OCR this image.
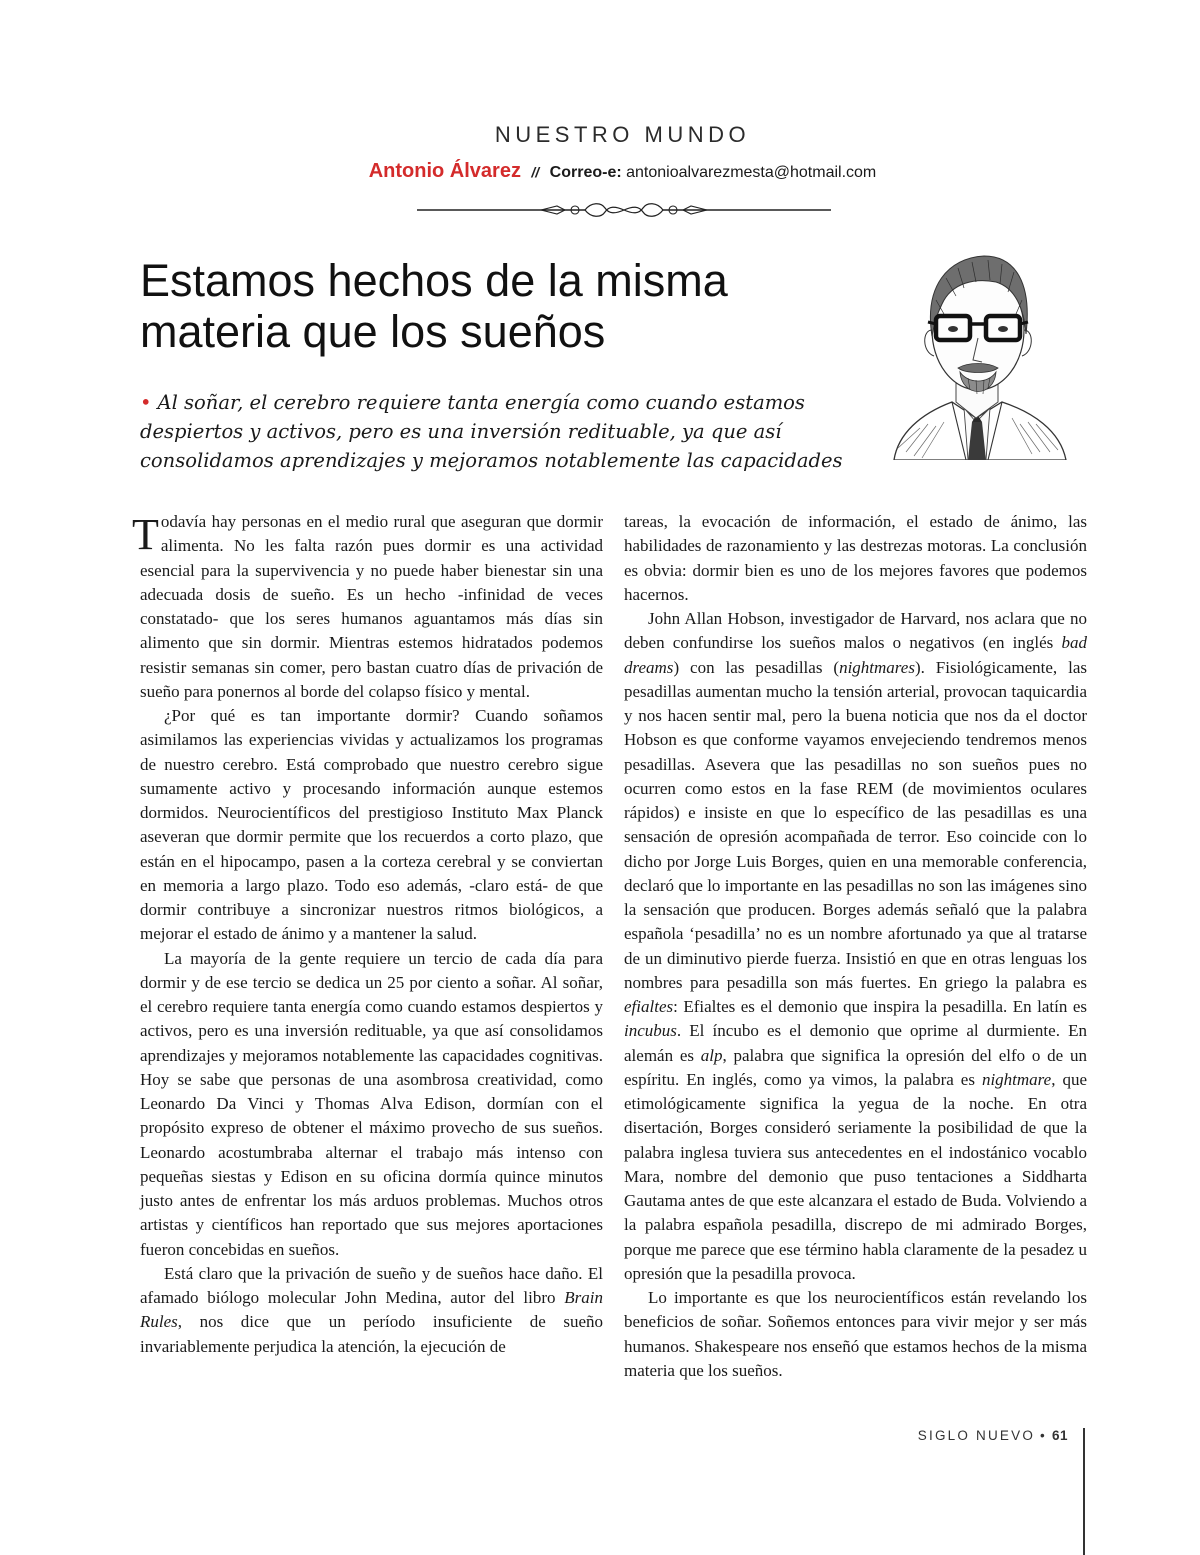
NUESTRO MUNDO
Antonio Álvarez // Correo-e: antonioalvarezmesta@hotmail.com
Estamos hechos de la misma
materia que los sueños

• Al soñar, el cerebro requiere tanta energía como cuando estamos despiertos y activos, pero es una inversión redituable, ya que así consolidamos aprendizajes y mejoramos notablemente las capacidades

Todavía hay personas en el medio rural que aseguran que dormir alimenta. No les falta razón pues dormir es una actividad esencial para la supervivencia y no puede haber bienestar sin una adecuada dosis de sueño. Es un hecho -infinidad de veces constatado- que los seres humanos aguantamos más días sin alimento que sin dormir. Mientras estemos hidratados podemos resistir semanas sin comer, pero bastan cuatro días de privación de sueño para ponernos al borde del colapso físico y mental.

¿Por qué es tan importante dormir? Cuando soñamos asimilamos las experiencias vividas y actualizamos los programas de nuestro cerebro. Está comprobado que nuestro cerebro sigue sumamente activo y procesando información aunque estemos dormidos. Neurocientíficos del prestigioso Instituto Max Planck aseveran que dormir permite que los recuerdos a corto plazo, que están en el hipocampo, pasen a la corteza cerebral y se conviertan en memoria a largo plazo. Todo eso además, -claro está- de que dormir contribuye a sincronizar nuestros ritmos biológicos, a mejorar el estado de ánimo y a mantener la salud.

La mayoría de la gente requiere un tercio de cada día para dormir y de ese tercio se dedica un 25 por ciento a soñar. Al soñar, el cerebro requiere tanta energía como cuando estamos despiertos y activos, pero es una inversión redituable, ya que así consolidamos aprendizajes y mejoramos notablemente las capacidades cognitivas. Hoy se sabe que personas de una asombrosa creatividad, como Leonardo Da Vinci y Thomas Alva Edison, dormían con el propósito expreso de obtener el máximo provecho de sus sueños. Leonardo acostumbraba alternar el trabajo más intenso con pequeñas siestas y Edison en su oficina dormía quince minutos justo antes de enfrentar los más arduos problemas. Muchos otros artistas y científicos han reportado que sus mejores aportaciones fueron concebidas en sueños.

Está claro que la privación de sueño y de sueños hace daño. El afamado biólogo molecular John Medina, autor del libro Brain Rules, nos dice que un período insuficiente de sueño invariablemente perjudica la atención, la ejecución de

tareas, la evocación de información, el estado de ánimo, las habilidades de razonamiento y las destrezas motoras. La conclusión es obvia: dormir bien es uno de los mejores favores que podemos hacernos.

John Allan Hobson, investigador de Harvard, nos aclara que no deben confundirse los sueños malos o negativos (en inglés bad dreams) con las pesadillas (nightmares). Fisiológicamente, las pesadillas aumentan mucho la tensión arterial, provocan taquicardia y nos hacen sentir mal, pero la buena noticia que nos da el doctor Hobson es que conforme vayamos envejeciendo tendremos menos pesadillas. Asevera que las pesadillas no son sueños pues no ocurren como estos en la fase REM (de movimientos oculares rápidos) e insiste en que lo específico de las pesadillas es una sensación de opresión acompañada de terror. Eso coincide con lo dicho por Jorge Luis Borges, quien en una memorable conferencia, declaró que lo importante en las pesadillas no son las imágenes sino la sensación que producen. Borges además señaló que la palabra española ‘pesadilla’ no es un nombre afortunado ya que al tratarse de un diminutivo pierde fuerza. Insistió en que en otras lenguas los nombres para pesadilla son más fuertes. En griego la palabra es efialtes: Efialtes es el demonio que inspira la pesadilla. En latín es incubus. El íncubo es el demonio que oprime al durmiente. En alemán es alp, palabra que significa la opresión del elfo o de un espíritu. En inglés, como ya vimos, la palabra es nightmare, que etimológicamente significa la yegua de la noche. En otra disertación, Borges consideró seriamente la posibilidad de que la palabra inglesa tuviera sus antecedentes en el indostánico vocablo Mara, nombre del demonio que puso tentaciones a Siddharta Gautama antes de que este alcanzara el estado de Buda. Volviendo a la palabra española pesadilla, discrepo de mi admirado Borges, porque me parece que ese término habla claramente de la pesadez u opresión que la pesadilla provoca.

Lo importante es que los neurocientíficos están revelando los beneficios de soñar. Soñemos entonces para vivir mejor y ser más humanos. Shakespeare nos enseñó que estamos hechos de la misma materia que los sueños.

SIGLO NUEVO • 61
